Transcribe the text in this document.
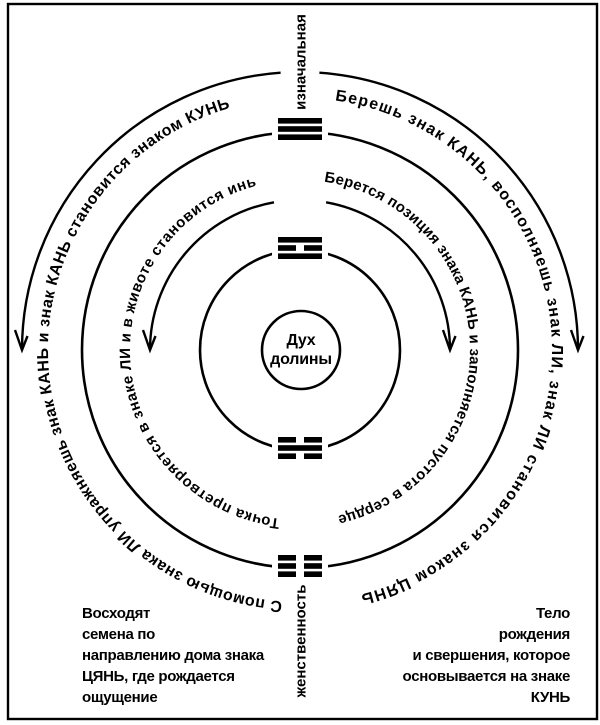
Берешь знак КАНЬ, восполняешь знак ЛИ, знак ЛИ становится знаком ЦЯНЬ
С помощью знака ЛИ упражняешь знак КАНЬ и знак КАНЬ становится знаком КУНЬ
Берется позиция знака КАНЬ и заполняется пустота в сердце
Точка претворяется в знаке ЛИ и в животе становится инь
изначальная
женственность
Дух
долины
Восходят
семена по
направлению дома знака
ЦЯНЬ, где рождается
ощущение
Тело
рождения
и свершения, которое
основывается на знаке
КУНЬ
